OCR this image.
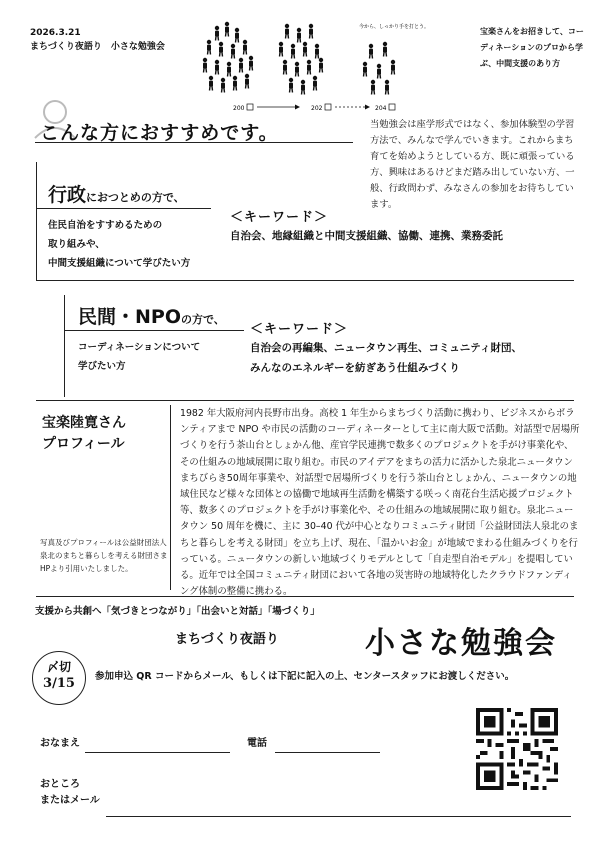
2026.3.21
まちづくり夜語り　小さな勉強会
今から、しっかり手を打とう。
200	202	204
宝楽さんをお招きして、コーディネーションのプロから学ぶ、中間支援のあり方
こんな方におすすめです。	当勉強会は座学形式ではなく、参加体験型の学習方法で、みんなで学んでいきます。これからまち育てを始めようとしている方、既に頑張っている方、興味はあるけどまだ踏み出していない方、一般、行政問わず、みなさんの参加をお待ちしています。
行政におつとめの方で、
住民自治をすすめるための
取り組みや、
中間支援組織について学びたい方
＜キーワード＞
自治会、地縁組織と中間支援組織、協働、連携、業務委託
民間・NPOの方で、
コーディネーションについて
学びたい方
＜キーワード＞
自治会の再編集、ニュータウン再生、コミュニティ財団、
みんなのエネルギーを紡ぎあう仕組みづくり
宝楽陸寛さん
プロフィール
写真及びプロフィールは公益財団法人泉北のまちと暮らしを考える財団さまHPより引用いたしました。
1982 年大阪府河内長野市出身。高校 1 年生からまちづくり活動に携わり、ビジネスからボランティアまで NPO や市民の活動のコーディネーターとして主に南大阪で活動。対話型で居場所づくりを行う茶山台としょかん他、産官学民連携で数多くのプロジェクトを手がけ事業化や、その仕組みの地域展開に取り組む。市民のアイデアをまちの活力に活かした泉北ニュータウンまちびらき50周年事業や、対話型で居場所づくりを行う茶山台としょかん、ニュータウンの地域住民など様々な団体との協働で地域再生活動を構築する咲っく南花台生活応援プロジェクト等、数多くのプロジェクトを手がけ事業化や、その仕組みの地域展開に取り組む。泉北ニュータウン 50 周年を機に、主に 30–40 代が中心となりコミュニティ財団「公益財団法人泉北のまちと暮らしを考える財団」を立ち上げ、現在、「温かいお金」が地域でまわる仕組みづくりを行っている。ニュータウンの新しい地域づくりモデルとして「自走型自治モデル」を提唱している。近年では全国コミュニティ財団において各地の災害時の地域特化したクラウドファンディング体制の整備に携わる。
支援から共創へ「気づきとつながり」「出会いと対話」「場づくり」
まちづくり夜語り	小さな勉強会
〆切
3/15	参加申込 QR コードからメール、もしくは下記に記入の上、センタースタッフにお渡しください。
おなまえ	電話
おところ
またはメール
